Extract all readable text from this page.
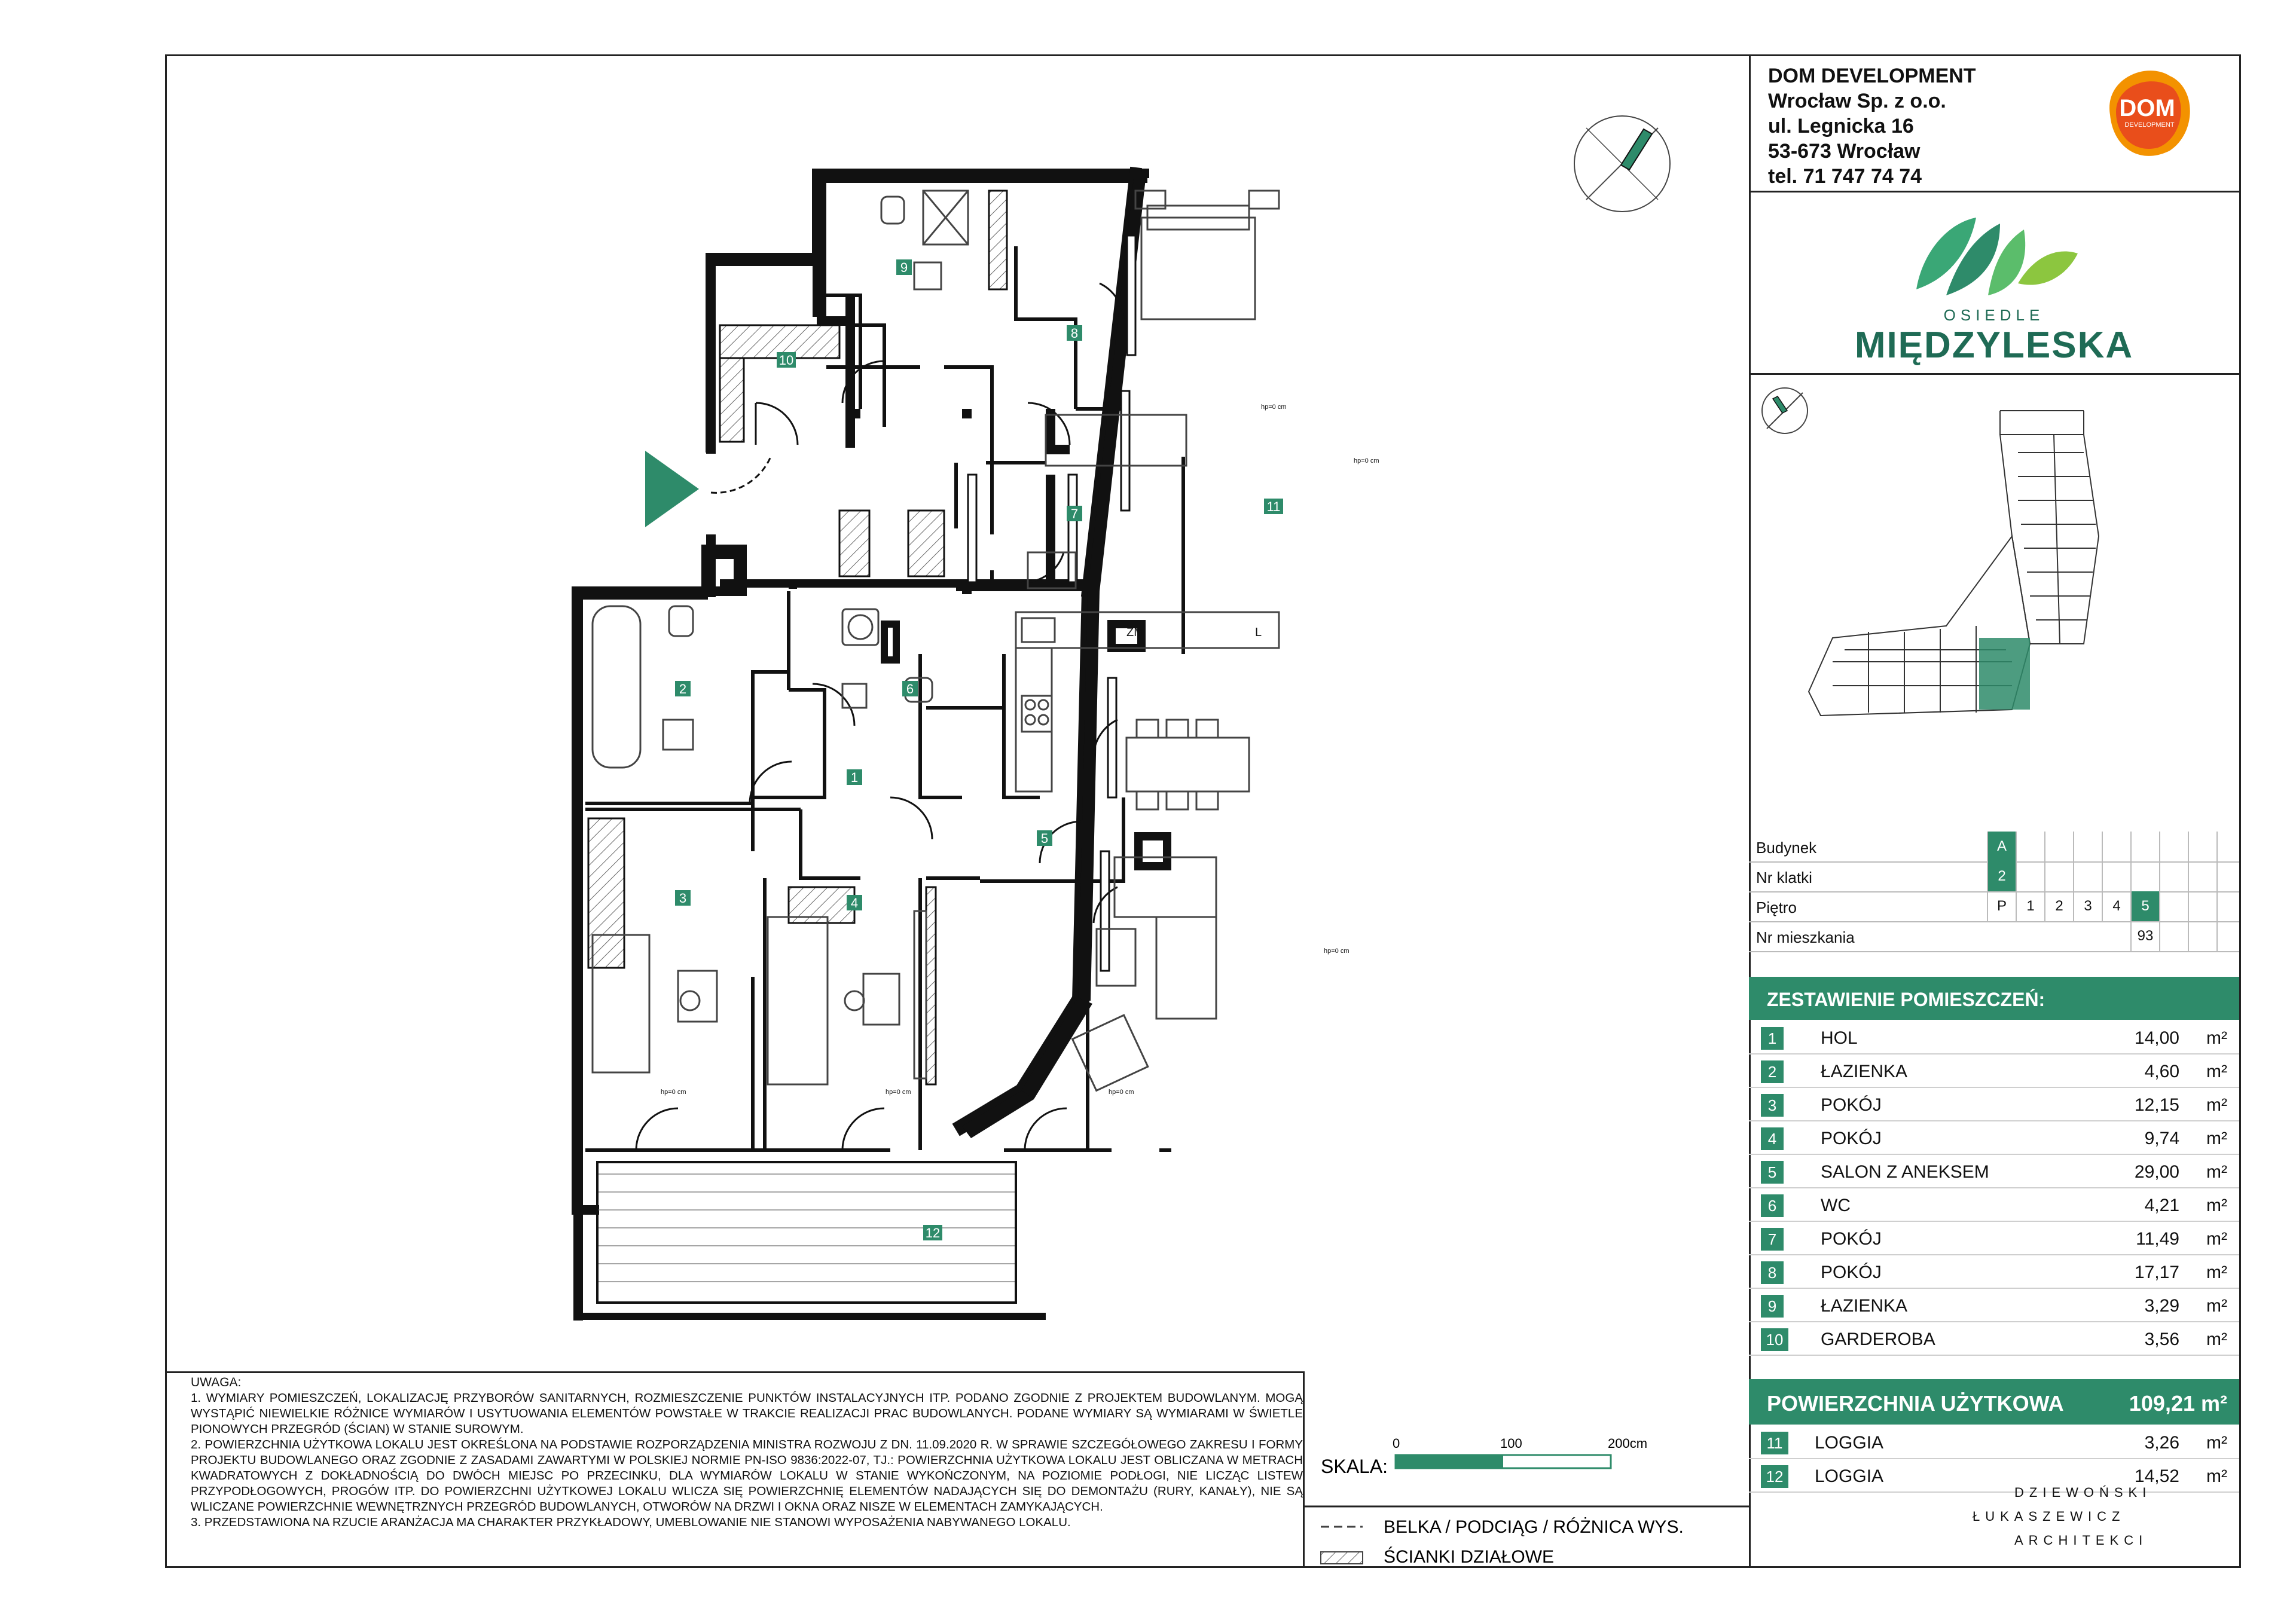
1
2
3	4
5
6
7
8
9
10
11
12
ZM	L
hp=0 cm
hp=0 cm	hp=0 cm	hp=0 cm
hp=0 cm
hp=0 cm
UWAGA:
1. WYMIARY POMIESZCZEŃ, LOKALIZACJĘ PRZYBORÓW SANITARNYCH, ROZMIESZCZENIE PUNKTÓW INSTALACYJNYCH ITP. PODANO ZGODNIE Z PROJEKTEM BUDOWLANYM. MOGĄ WYSTĄPIĆ NIEWIELKIE RÓŻNICE WYMIARÓW I USYTUOWANIA ELEMENTÓW POWSTAŁE W TRAKCIE REALIZACJI PRAC BUDOWLANYCH. PODANE WYMIARY SĄ WYMIARAMI W ŚWIETLE PIONOWYCH PRZEGRÓD (ŚCIAN) W STANIE SUROWYM.
2. POWIERZCHNIA UŻYTKOWA LOKALU JEST OKREŚLONA NA PODSTAWIE ROZPORZĄDZENIA MINISTRA ROZWOJU Z DN. 11.09.2020 R. W SPRAWIE SZCZEGÓŁOWEGO ZAKRESU I FORMY PROJEKTU BUDOWLANEGO ORAZ ZGODNIE Z ZASADAMI ZAWARTYMI W POLSKIEJ NORMIE PN-ISO 9836:2022-07, TJ.: POWIERZCHNIA UŻYTKOWA LOKALU JEST OBLICZANA W METRACH KWADRATOWYCH Z DOKŁADNOŚCIĄ DO DWÓCH MIEJSC PO PRZECINKU, DLA WYMIARÓW LOKALU W STANIE WYKOŃCZONYM, NA POZIOMIE PODŁOGI, NIE LICZĄC LISTEW PRZYPODŁOGOWYCH, PROGÓW ITP. DO POWIERZCHNI UŻYTKOWEJ LOKALU WLICZA SIĘ POWIERZCHNIĘ ELEMENTÓW NADAJĄCYCH SIĘ DO DEMONTAŻU (RURY, KANAŁY), NIE SĄ WLICZANE POWIERZCHNIE WEWNĘTRZNYCH PRZEGRÓD BUDOWLANYCH, OTWORÓW NA DRZWI I OKNA ORAZ NISZE W ELEMENTACH ZAMYKAJĄCYCH.
3. PRZEDSTAWIONA NA RZUCIE ARANŻACJA MA CHARAKTER PRZYKŁADOWY, UMEBLOWANIE NIE STANOWI WYPOSAŻENIA NABYWANEGO LOKALU.
SKALA:
0	100	200cm
BELKA / PODCIĄG / RÓŻNICA WYS.
ŚCIANKI DZIAŁOWE
DOM DEVELOPMENT
Wrocław Sp. z o.o.
ul. Legnicka 16
53-673 Wrocław
tel. 71 747 74 74
DOM
DEVELOPMENT
OSIEDLE
MIĘDZYLESKA
Budynek	A
Nr klatki	2
Piętro	P	1	2	3	4	5
Nr mieszkania	93
ZESTAWIENIE POMIESZCZEŃ:
1	HOL	14,00 m²
2	ŁAZIENKA	4,60 m²
3	POKÓJ	12,15 m²
4	POKÓJ	9,74 m²
5	SALON Z ANEKSEM	29,00 m²
6	WC	4,21 m²
7	POKÓJ	11,49 m²
8	POKÓJ	17,17 m²
9	ŁAZIENKA	3,29 m²
10 GARDEROBA	3,56 m²
POWIERZCHNIA UŻYTKOWA	109,21 m²
11	LOGGIA	3,26 m²
12 LOGGIA	14,52 m²
DZIEWOŃSKI
ŁUKASZEWICZ
ARCHITEKCI
